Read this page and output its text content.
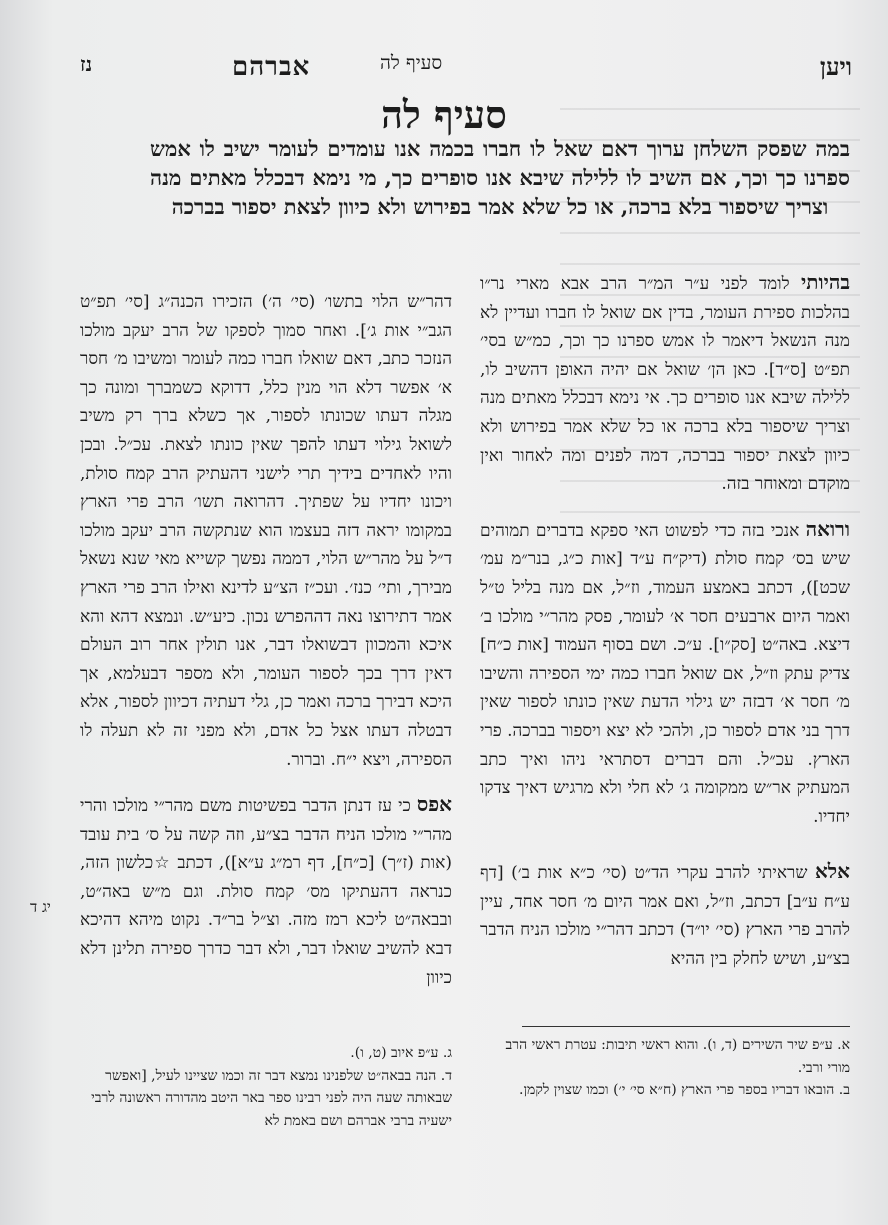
ויען
סעיף לה
אברהם
נז
סעיף לה
במה שפסק השלחן ערוך דאם שאל לו חברו בכמה אנו עומדים לעומר ישיב לו אמש ספרנו כך וכך, אם השיב לו ללילה שיבא אנו סופרים כך, מי נימא דבכלל מאתים מנה וצריך שיספור בלא ברכה, או כל שלא אמר בפירוש ולא כיוון לצאת יספור בברכה

בהיותי לומד לפני ע״ר המ״ר הרב אבא מארי נר״ו בהלכות ספירת העומר, בדין אם שואל לו חברו ועדיין לא מנה הנשאל דיאמר לו אמש ספרנו כך וכך, כמ״ש בסי׳ תפ״ט [ס״ד]. כאן הן׳ שואל אם יהיה האופן דהשיב לו, ללילה שיבא אנו סופרים כך. אי נימא דבכלל מאתים מנה וצריך שיספור בלא ברכה או כל שלא אמר בפירוש ולא כיוון לצאת יספור בברכה, דמה לפנים ומה לאחור ואין מוקדם ומאוחר בזה.

ורואה אנכי בזה כדי לפשוט האי ספקא בדברים תמוהים שיש בס׳ קמח סולת (דיק״ח ע״ד [אות כ״ג, בנר״מ עמ׳ שכט]), דכתב באמצע העמוד, וז״ל, אם מנה בליל ט״ל ואמר היום ארבעים חסר א׳ לעומר, פסק מהר״י מולכו ב׳ דיצא. באה״ט [סק״ו]. ע״כ. ושם בסוף העמוד [אות כ״ח] צדיק עתק וז״ל, אם שואל חברו כמה ימי הספירה והשיבו מ׳ חסר א׳ דבזה יש גילוי הדעת שאין כונתו לספור שאין דרך בני אדם לספור כן, ולהכי לא יצא ויספור בברכה. פרי הארץ. עכ״ל. והם דברים דסתראי ניהו ואיך כתב המעתיק אר״ש ממקומה ג׳ לא חלי ולא מרגיש דאיך צדקו יחדיו.

אלא שראיתי להרב עקרי הד״ט (סי׳ כ״א אות ב׳) [דף ע״ח ע״ב] דכתב, וז״ל, ואם אמר היום מ׳ חסר אחד, עיין להרב פרי הארץ (סי׳ יו״ד) דכתב דהר״י מולכו הניח הדבר בצ״ע, ושיש לחלק בין ההיא

דהר״ש הלוי בתשו׳ (סי׳ ה׳) הזכירו הכנה״ג [סי׳ תפ״ט הגב״י אות ג׳]. ואחר סמוך לספקו של הרב יעקב מולכו הנזכר כתב, דאם שואלו חברו כמה לעומר ומשיבו מ׳ חסר א׳ אפשר דלא הוי מנין כלל, דדוקא כשמברך ומונה כך מגלה דעתו שכונתו לספור, אך כשלא ברך רק משיב לשואל גילוי דעתו להפך שאין כונתו לצאת. עכ״ל. ובכן והיו לאחדים בידיך תרי לישני דהעתיק הרב קמח סולת, ויכונו יחדיו על שפתיך. דהרואה תשו׳ הרב פרי הארץ במקומו יראה דזה בעצמו הוא שנתקשה הרב יעקב מולכו ד״ל על מהר״ש הלוי, דממה נפשך קשייא מאי שנא נשאל מבירך, ותי׳ כנז׳. ועכ״ז הצ״ע לדינא ואילו הרב פרי הארץ אמר דתירוצו נאה דההפרש נכון. כיע״ש. ונמצא דהא והא איכא והמכוון דבשואלו דבר, אנו תולין אחר רוב העולם דאין דרך בכך לספור העומר, ולא מספר דבעלמא, אך היכא דבירך ברכה ואמר כן, גלי דעתיה דכיוון לספור, אלא דבטלה דעתו אצל כל אדם, ולא מפני זה לא תעלה לו הספירה, ויצא י״ח. וברור.

אפס כי עז דנתן הדבר בפשיטות משם מהר״י מולכו והרי מהר״י מולכו הניח הדבר בצ״ע, וזה קשה על ס׳ בית עובד (אות (ז״ך) [כ״ח], דף רמ״ג ע״א]), דכתב ☆כלשון הזה, כנראה דהעתיקו מס׳ קמח סולת. וגם מ״ש באה״ט, ובבאה״ט ליכא רמז מזה. וצ״ל בר״ד. נקוט מיהא דהיכא דבא להשיב שואלו דבר, ולא דבר כדרך ספירה תלינן דלא כיוון

יג ד

א. ע״פ שיר השירים (ד, ו). והוא ראשי תיבות: עטרת ראשי הרב מורי ורבי.

ב. הובאו דבריו בספר פרי הארץ (ח״א סי׳ י׳) וכמו שצוין לקמן.

ג. ע״פ איוב (ט, ו).

ד. הנה בבאה״ט שלפנינו נמצא דבר זה וכמו שציינו לעיל, [ואפשר שבאותה שעה היה לפני רבינו ספר באר היטב מהדורה ראשונה לרבי ישעיה ברבי אברהם ושם באמת לא
